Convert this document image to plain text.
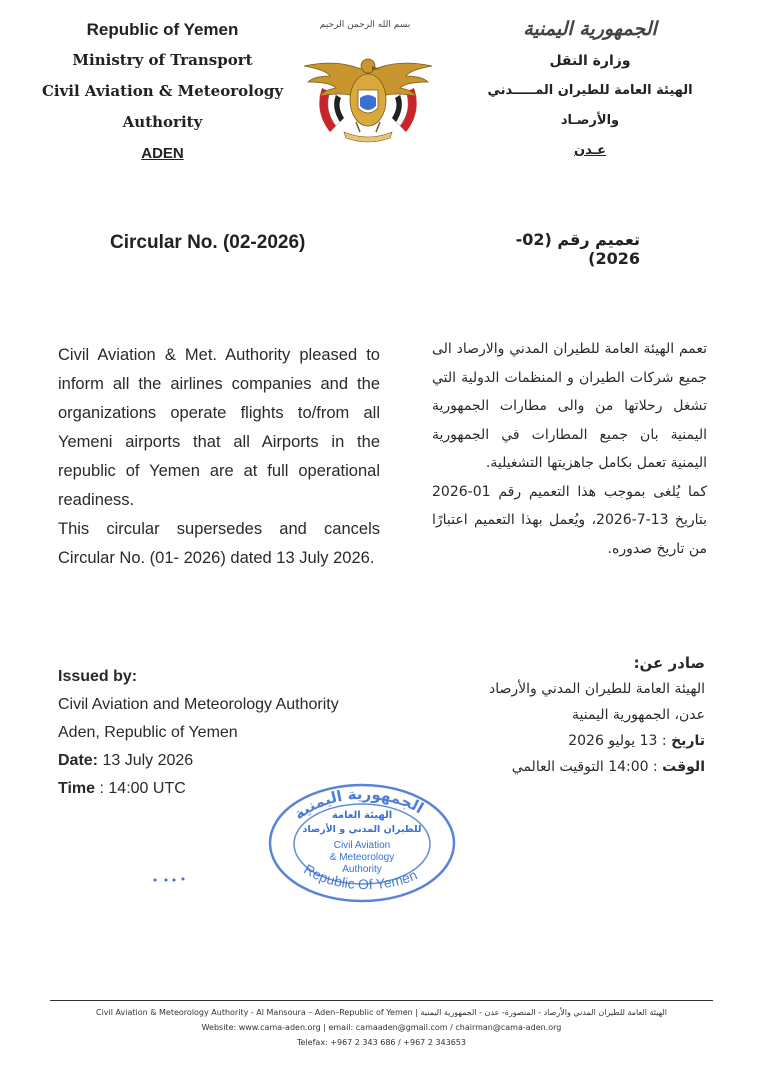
Republic of Yemen
Ministry of Transport
Civil Aviation & Meteorology
Authority
ADEN
بسم الله الرحمن الرحيم	الجمهورية اليمنية
وزارة النقل
الهيئة العامة للطيران المـــــدني
والأرصـاد
عـدن
Circular No. (02-2026)	تعميم رقم (02-2026)

Civil Aviation & Met. Authority pleased to inform all the airlines companies and the organizations operate flights to/from all Yemeni airports that all Airports in the republic of Yemen are at full operational readiness.

This circular supersedes and cancels Circular No. (01- 2026) dated 13 July 2026.

تعمم الهيئة العامة للطيران المدني والارصاد الى جميع شركات الطيران و المنظمات الدولية التي تشغل رحلاتها من والى مطارات الجمهورية اليمنية بان جميع المطارات في الجمهورية اليمنية تعمل بكامل جاهزيتها التشغيلية.

كما يُلغى بموجب هذا التعميم رقم 01-2026 بتاريخ 13-7-2026، ويُعمل بهذا التعميم اعتبارًا من تاريخ صدوره.

Issued by:
Civil Aviation and Meteorology Authority
Aden, Republic of Yemen
Date: 13 July 2026
Time : 14:00 UTC
صادر عن:
الهيئة العامة للطيران المدني والأرصاد
عدن، الجمهورية اليمنية
تاريخ : 13 يوليو 2026
الوقت : 14:00 التوقيت العالمي
الجمهورية اليمنية
الهيئة العامة
للطيران المدني و الأرصاد
Civil Aviation
& Meteorology
Authority
Republic Of Yemen
Civil Aviation & Meteorology Authority - Al Mansoura – Aden–Republic of Yemen | الهيئة العامة للطيران المدني والأرصاد - المنصورة- عدن - الجمهورية اليمنية
Website: www.cama-aden.org | email: camaaden@gmail.com / chairman@cama-aden.org
Telefax: +967 2 343 686 / +967 2 343653
